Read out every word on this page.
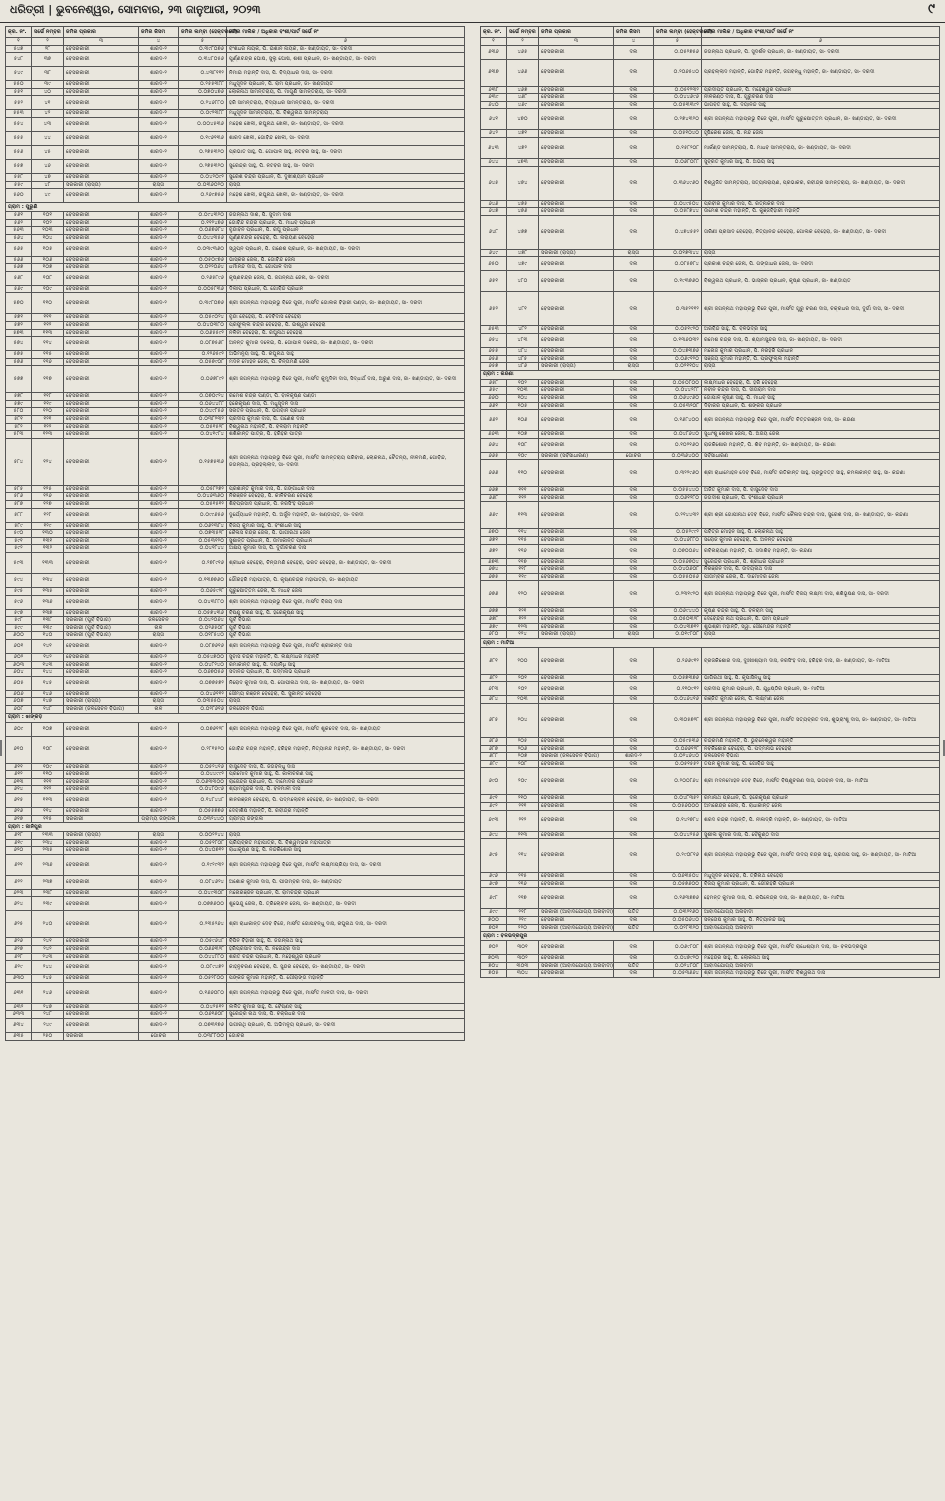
ଧରିତ୍ରୀ | ଭୁବନେଶ୍ୱର, ସୋମବାର, ୨୩ ଜାନୁଆରୀ, ୨୦୨୩	୯
କ୍ର. ନଂ.	ସର୍ଭେ ନମ୍ବର	ଜମିର ପ୍ରକାର	ଜମିର କିସମ	ଜମିର ଲମ୍ବା (ହେକ୍ଟରରେ)	ଜମିର ମାଲିକ / ଅଧିକାର ବଂଶୀ/ପାର୍ଟ ସର୍ଭେ ନଂ
୧	୨	୩	୪	୫	୬
୫୪୭	୨୮	ବେସରକାରୀ	ଶାରଦ-୨	୦.୩୯୮୦୭୬	ବଂଶଧର ନାୟକ, ପି. ଇଶାନ ନାୟକ, ଜା- ଖଣ୍ଡାୟତ, ସା- ଦରଦୀ
୫୪୮	୩୭	ବେସରକାରୀ	ଶାରଦ-୨	୦.୩୪୮୦୫୬	ପୁର୍ଣ୍ଣଚନ୍ଦ୍ର ଘୋଷ, ସୁଲୁ ଘୋଷ, ଶଶୀ ପ୍ରଧାନ, ଜା- ଖଣ୍ଡାୟତ, ସା- ଦରଦୀ
୫୪୯	୩୮	ବେସରକାରୀ	ଶାରଦ-୨	୦.୪୩୮୧୧୨	ନିମାଇ ମହାନ୍ତି ଦାସ, ପି. ବିଦ୍ୟାଧର ଦାସ, ସା- ଦରଦୀ
୫୫୦	୩୯	ବେସରକାରୀ	ଶାରଦ-୨	୦.୨୫୫୩୮୮	ମଧୁସୂଦନ ପ୍ରଧାନ, ପି. ରାମ ପ୍ରଧାନ, ଜା- ଖଣ୍ଡାୟତ
୫୫୧	୪୦	ବେସରକାରୀ	ଶାରଦ-୨	୦.୦୭୦୪୭୬	ଲୋକନାଥ ସାମନ୍ତରାୟ, ପି. ମାଗୁଣି ସାମନ୍ତରାୟ, ସା- ଦରଦୀ
୫୫୨	୪୧	ବେସରକାରୀ	ଶାରଦ-୨	୦.୨୪୬୮୮୦	ହରି ସାମନ୍ତରାୟ, ବିଦ୍ୟାଧର ସାମନ୍ତରାୟ, ସା- ଦରଦୀ
୫୫୩	୪୨	ବେସରକାରୀ	ଶାରଦ-୨	୦.୦୯୨୩୮୮	ମଧୁସୂଦନ ସାମନ୍ତରାୟ, ପି. ବିଶ୍ୱନାଥ ସାମନ୍ତରାୟ
୫୫୪	୪୩	ବେସରକାରୀ	ଶାରଦ-୨	୦.୦୦୪୫୩୬	ମହେଶ ଖେଳୀ, ରଘୁନାଥ ଖେଳୀ, ଜା- ଖଣ୍ଡାୟତ, ସା- ଦରଦୀ
୫୫୫	୪୪	ବେସରକାରୀ	ଶାରଦ-୨	୦.୧୯୬୧୩୬	ଶାରଦ ଖେଳୀ, ଗୋବିନ୍ଦ ଖେଳୀ, ସା- ଦରଦୀ
୫୫୬	୪୫	ବେସରକାରୀ	ଶାରଦ-୨	୦.୨୭୫୩୨୦	ପ୍ରଭାତ ସାହୁ, ପି. ଗୋପାଳ ସାହୁ, ନଟବର ସାହୁ, ସା- ଦରଦୀ
୫୫୭	୪୬	ବେସରକାରୀ	ଶାରଦ-୨	୦.୨୭୫୩୨୦	ସୁରେନ୍ଦ୍ର ସାହୁ, ପି. ନଟବର ସାହୁ, ସା- ଦରଦୀ
୫୫୮	୪୭	ବେସରକାରୀ	ଶାରଦ-୨	୦.୦୪୨୦୯୨	ସୁରେଶ ଚନ୍ଦ୍ର ପ୍ରଧାନ, ପି. ଦୁଖୀଶ୍ୟାମ ପ୍ରଧାନ
୫୫୯	୪୮	ସରକାରୀ (ରାସ୍ତା)	ରାସ୍ତା	୦.୦୩୬୦୨୦	ରାସ୍ତା
୫୬୦	୪୯	ବେସରକାରୀ	ଶାରଦ-୨	୦.୨୬୯୭୫୬	ମହେଶ ଖେଳୀ, ରଘୁନାଥ ଖେଳୀ, ଜା- ଖଣ୍ଡାୟତ, ସା- ଦରଦୀ
ଗ୍ରାମ : ପୁରୁଣି					
୫୬୧	୧୦୧	ବେସରକାରୀ	ଶାରଦ-୨	୦.୦୯୪୩୨୦	ଜଗନ୍ନାଥ ଦାଶ, ପି. ସୁଦାମ ଦାଶ
୫୬୨	୧୦୨	ବେସରକାରୀ	ଶାରଦ-୨	୦.୧୧୨୪୭୬	ଗୋବିନ୍ଦ ଚନ୍ଦ୍ର ପ୍ରଧାନ, ପି. ମାଧବ ପ୍ରଧାନ
୫୬୩	୧୦୩	ବେସରକାରୀ	ଶାରଦ-୨	୦.୦୬୭୬୮୪	ବୃନ୍ଦାବନ ପ୍ରଧାନ, ପି. ରଘୁ ପ୍ରଧାନ
୫୬୪	୧୦୪	ବେସରକାରୀ	ଶାରଦ-୨	୦.୦୪୪୩୫୬	ପୂର୍ଣ୍ଣଚନ୍ଦ୍ର ବେହେରା, ପି. ନାରାୟଣ ବେହେରା
୫୬୫	୧୦୫	ବେସରକାରୀ	ଶାରଦ-୨	୦.୦୩୯୩୬୦	ସ୍ୱପ୍ନ ପ୍ରଧାନ, ପି. ଗଣେଶ ପ୍ରଧାନ, ଜା- ଖଣ୍ଡାୟତ, ସା- ଦରଦୀ
୫୬୬	୧୦୬	ବେସରକାରୀ	ଶାରଦ-୨	୦.୦୫୦୯୭୬	ଭାସ୍କର ଜେନା, ପି. ଗୋବିନ୍ଦ ଜେନା
୫୬୭	୧୦୭	ବେସରକାରୀ	ଶାରଦ-୨	୦.୦୨୨୦୬୪	ଧର୍ମାନନ୍ଦ ଦାସ, ପି. ଗୋପାଳ ଦାସ
୫୬୮	୧୦୮	ବେସରକାରୀ	ଶାରଦ-୨	୦.୨୬୫୮୯୬	କୃଷ୍ଣଚନ୍ଦ୍ର ଜେନା, ପି. ଜଗନ୍ନାଥ ଜେନା, ସା- ଦରଦୀ
୫୬୯	୧୦୯	ବେସରକାରୀ	ଶାରଦ-୨	୦.୦୦୫୮୩୬	ଦିଲୀପ ପ୍ରଧାନ, ପି. ଗୋବିନ୍ଦ ପ୍ରଧାନ
୫୭୦	୧୧୦	ବେସରକାରୀ	ଶାରଦ-୨	୦.୩୯୮୦୭୬	ଶ୍ରୀ ଜଗନ୍ନାଥ ମହାପ୍ରଭୁ ବିଜେ ପୁରୀ, ମାର୍ଫତ ଗୋଲକ ବିହାରୀ ପଣ୍ଡା, ଜା- ଖଣ୍ଡାୟତ, ସା- ଦରଦୀ
୫୭୧	୧୧୧	ବେସରକାରୀ	ଶାରଦ-୨	୦.୦୫୯୦୨୪	ବୃନ୍ଦା ବେହେରା, ପି. ଦେବିଦାସ ବେହେରା
୫୭୨	୧୧୨	ବେସରକାରୀ	ଶାରଦ-୨	୦.୦୪୦୩୮୦	ପ୍ରଫୁଲ୍ଲ ଚନ୍ଦ୍ର ବେହେରା, ପି. ଇଶ୍ୱର ବେହେରା
୫୭୩	୧୧୩	ବେସରକାରୀ	ଶାରଦ-୨	୦.୦୬୫୫୯୨	ନଳିନୀ ବେହେରା, ପି. ରଘୁନାଥ ବେହେରା
୫୭୪	୧୧୪	ବେସରକାରୀ	ଶାରଦ-୨	୦.୦୮୭୫୬୮	ଅନନ୍ତ କୁମାର ଦଳେଇ, ପି. ଗୋପାଳ ଦଳେଇ, ଜା- ଖଣ୍ଡାୟତ, ସା- ଦରଦୀ
୫୭୫	୧୧୫	ବେସରକାରୀ	ଶାରଦ-୨	୦.୧୨୬୫୯୨	ଅଭିମନ୍ୟୁ ସାହୁ, ପି. ରଘୁନାଥ ସାହୁ
୫୭୬	୧୧୬	ବେସରକାରୀ	ଶାରଦ-୨	୦.୦୫୭୯୦୮	ମଦନ ମୋହନ ଜେନା, ପି. ଚିନ୍ତାମଣି ଜେନା
୫୭୭	୧୧୭	ବେସରକାରୀ	ଶାରଦ-୨	୦.୦୬୭୮୯୨	ଶ୍ରୀ ଜଗନ୍ନାଥ ମହାପ୍ରଭୁ ବିଜେ ପୁରୀ, ମାର୍ଫତ କୁମୁଦିନୀ ଦାସ, ସିଦ୍ଧାର୍ଥ ଦାସ, ଅରୁଣ ଦାସ, ଜା- ଖଣ୍ଡାୟତ, ସା- ଦରଦୀ
୫୭୮	୧୧୮	ବେସରକାରୀ	ଶାରଦ-୨	୦.୦୭୦୯୨୪	ରମେଶ ଚନ୍ଦ୍ର ପଣ୍ଡା, ପି. ବାଳକୃଷ୍ଣ ପଣ୍ଡା
୫୭୯	୧୧୯	ବେସରକାରୀ	ଶାରଦ-୨	୦.୦୬୪୪୮୮	ହରେକୃଷ୍ଣ ଦାସ, ପି. ମଧୁସୂଦନ ଦାସ
୫୮୦	୧୨୦	ବେସରକାରୀ	ଶାରଦ-୨	୦.୦୪୯୮୫୬	ସନାତନ ପ୍ରଧାନ, ପି. ଭଗବାନ ପ୍ରଧାନ
୫୮୧	୧୨୧	ବେସରକାରୀ	ଶାରଦ-୨	୦.୦୩୮୨୩୨	ପ୍ରଦୀପ କୁମାର ଦାସ, ପି. ଗଣେଶ ଦାସ
୫୮୨	୧୨୨	ବେସରକାରୀ	ଶାରଦ-୨	୦.୦୫୧୫୨୮	ବିଶ୍ୱନାଥ ମହାନ୍ତି, ପି. ବଳରାମ ମହାନ୍ତି
୫୮୩	୧୨୩	ବେସରକାରୀ	ଶାରଦ-୨	୦.୦୪୧୯୮୪	ଶଶିକାନ୍ତ ପାତ୍ର, ପି. ହରିହର ପାତ୍ର
୫୮୪	୧୨୪	ବେସରକାରୀ	ଶାରଦ-୨	୦.୧୫୭୫୩୬	ଶ୍ରୀ ଜଗନ୍ନାଥ ମହାପ୍ରଭୁ ବିଜେ ପୁରୀ, ମାର୍ଫତ ସାମନ୍ତରାୟ ପରିବାର, ଲୋକନାଥ, ଚୈତନ୍ୟ, ନୀଳମଣି, ଗୋବିନ୍ଦ, ଜଗନ୍ନାଥ, ପ୍ରହଲ୍ଲାଦ, ସା- ଦରଦୀ
୫୮୫	୧୨୫	ବେସରକାରୀ	ଶାରଦ-୨	୦.୦୫୮୨୭୨	ପ୍ରଶାନ୍ତ କୁମାର ଦାସ, ପି. ଗଙ୍ଗାଧର ଦାସ
୫୮୬	୧୨୬	ବେସରକାରୀ	ଶାରଦ-୨	୦.୦୪୬୩୬୦	ନିରଞ୍ଜନ ବେହେରା, ପି. କାଳିଚରଣ ବେହେରା
୫୮୭	୧୨୭	ବେସରକାରୀ	ଶାରଦ-୨	୦.୦୫୧୫୧୨	ଶିବପ୍ରସାଦ ପ୍ରଧାନ, ପି. ନରସିଂହ ପ୍ରଧାନ
୫୮୮	୧୨୮	ବେସରକାରୀ	ଶାରଦ-୨	୦.୦୯୯୬୫୬	ଦୁର୍ଯ୍ୟୋଧନ ମହାନ୍ତି, ପି. ଅର୍ଜୁନ ମହାନ୍ତି, ଜା- ଖଣ୍ଡାୟତ, ସା- ଦରଦୀ
୫୮୯	୧୨୯	ବେସରକାରୀ	ଶାରଦ-୨	୦.୦୬୨୩୮୪	ବିଜୟ କୁମାର ସାହୁ, ପି. ବଂଶୀଧର ସାହୁ
୫୯୦	୧୩୦	ବେସରକାରୀ	ଶାରଦ-୨	୦.୦୭୩୫୨୮	କୈଳାସ ଚନ୍ଦ୍ର ଜେନା, ପି. ଭାଗୀରଥୀ ଜେନା
୫୯୧	୧୩୧	ବେସରକାରୀ	ଶାରଦ-୨	୦.୦୫୩୧୨୦	ସୁଶାନ୍ତ ପ୍ରଧାନ, ପି. ଉମାକାନ୍ତ ପ୍ରଧାନ
୫୯୨	୧୩୨	ବେସରକାରୀ	ଶାରଦ-୨	୦.୦୪୧୮୪୪	ଅକ୍ଷୟ କୁମାର ଦାସ, ପି. ଦୁର୍ଗାଚରଣ ଦାସ
୫୯୩	୧୩୩	ବେସରକାରୀ	ଶାରଦ-୨	୦.୨୭୮୯୧୬	ଶ୍ରୀଧର ବେହେରା, ଚିନ୍ତାମଣି ବେହେରା, ଭରତ ବେହେରା, ଜା- ଖଣ୍ଡାୟତ, ସା- ଦରଦୀ
୫୯୪	୧୩୪	ବେସରକାରୀ	ଶାରଦ-୨	୦.୧୩୭୭୬୦	ଗୌରହରି ମହାପାତ୍ର, ପି. କୃଷ୍ଣଚନ୍ଦ୍ର ମହାପାତ୍ର, ଜା- ଖଣ୍ଡାୟତ
୫୯୫	୧୩୫	ବେସରକାରୀ	ଶାରଦ-୨	୦.୦୬୫୯୨୮	ପୁରୁଷୋତ୍ତମ ଜେନା, ପି. ମାଧବ ଜେନା
୫୯୬	୧୩୬	ବେସରକାରୀ	ଶାରଦ-୨	୦.୦୪୩୮୮୦	ଶ୍ରୀ ଜଗନ୍ନାଥ ମହାପ୍ରଭୁ ବିଜେ ପୁରୀ, ମାର୍ଫତ ବିଜୟ ଦାସ
୫୯୭	୧୩୭	ବେସରକାରୀ	ଶାରଦ-୨	୦.୦୫୭୪୩୬	ବିଷ୍ଣୁ ଚରଣ ସାହୁ, ପି. ହରେକୃଷ୍ଣ ସାହୁ
୫୯୮	୧୩୮	ସରକାରୀ (ପୁର୍ବ ବିଭାଗ)	ଜଳସେଚନ	୦.୦୪୨୦୬୪	ପୁର୍ବ ବିଭାଗ
୫୯୯	୧୩୯	ସରକାରୀ (ପୁର୍ବ ବିଭାଗ)	ନାଳ	୦.୦୨୬୫୦୮	ପୁର୍ବ ବିଭାଗ
୬୦୦	୧୪୦	ସରକାରୀ (ପୁର୍ବ ବିଭାଗ)	ରାସ୍ତା	୦.୦୧୮୫୪୦	ପୁର୍ବ ବିଭାଗ
୬୦୧	୧୪୧	ବେସରକାରୀ	ଶାରଦ-୨	୦.୦୮୭୬୧୬	ଶ୍ରୀ ଜଗନ୍ନାଥ ମହାପ୍ରଭୁ ବିଜେ ପୁରୀ, ମାର୍ଫତ ଶ୍ରୀକାନ୍ତ ଦାସ
୬୦୨	୧୪୨	ବେସରକାରୀ	ଶାରଦ-୨	୦.୦୫୪୭୦୦	ସୁବାସ ଚନ୍ଦ୍ର ମହାନ୍ତି, ପି. ଲକ୍ଷ୍ମୀଧର ମହାନ୍ତି
୬୦୩	୧୪୩	ବେସରକାରୀ	ଶାରଦ-୨	୦.୦୪୮୨୪୦	ରମାକାନ୍ତ ସାହୁ, ପି. ଦୟାନିଧି ସାହୁ
୬୦୪	୧୪୪	ବେସରକାରୀ	ଶାରଦ-୨	୦.୦୬୭୦୫୬	ସଦାନନ୍ଦ ପ୍ରଧାନ, ପି. ପଦ୍ମନାଭ ପ୍ରଧାନ
୬୦୫	୧୪୫	ବେସରକାରୀ	ଶାରଦ-୨	୦.୦୭୭୫୭୨	ନିରୋଦ କୁମାର ଦାସ, ପି. ଗୋପୀନାଥ ଦାସ, ଜା- ଖଣ୍ଡାୟତ, ସା- ଦରଦୀ
୬୦୬	୧୪୬	ବେସରକାରୀ	ଶାରଦ-୨	୦.୦୪୬୧୧୨	ସୌମ୍ୟ ରଞ୍ଜନ ବେହେରା, ପି. ସୁକାନ୍ତ ବେହେରା
୬୦୭	୧୪୭	ସରକାରୀ (ରାସ୍ତା)	ରାସ୍ତା	୦.୦୩୫୫୦୪	ରାସ୍ତା
୬୦୮	୧୪୮	ସରକାରୀ (ଜଳସେଚନ ବିଭାଗ)	ନାଳ	୦.୦୨୮୬୧୬	ଜଳସେଚନ ବିଭାଗ
ଗ୍ରାମ : ଝାଙ୍କଡ଼					
୬୦୯	୧୦୭	ବେସରକାରୀ	ଶାରଦ-୨	୦.୦୭୬୧୨୮	ଶ୍ରୀ ଜଗନ୍ନାଥ ମହାପ୍ରଭୁ ବିଜେ ପୁରୀ, ମାର୍ଫତ ଶୁକଦେବ ଦାସ, ଜା- ଖଣ୍ଡାୟତ
୬୧୦	୧୦୮	ବେସରକାରୀ	ଶାରଦ-୨	୦.୨୮୧୫୨୦	ଗୋବିନ୍ଦ ଚନ୍ଦ୍ର ମହାନ୍ତି, ହରିହର ମହାନ୍ତି, ନିତ୍ୟାନନ୍ଦ ମହାନ୍ତି, ଜା- ଖଣ୍ଡାୟତ, ସା- ଦରଦୀ
୬୧୧	୧୦୯	ବେସରକାରୀ	ଶାରଦ-୨	୦.୦୫୨୪୧୬	ବାସୁଦେବ ଦାସ, ପି. ଜଗବନ୍ଧୁ ଦାସ
୬୧୨	୧୧୦	ବେସରକାରୀ	ଶାରଦ-୨	୦.୦୪୪୯୯୨	ପ୍ରମୋଦ କୁମାର ସାହୁ, ପି. କାଳୀଚରଣ ସାହୁ
୬୧୩	୧୧୧	ବେସରକାରୀ	ଶାରଦ-୨	୦.୦୬୩୩୦୦	ରାଜେନ୍ଦ୍ର ପ୍ରଧାନ, ପି. ଦାମୋଦର ପ୍ରଧାନ
୬୧୪	୧୧୨	ବେସରକାରୀ	ଶାରଦ-୨	୦.୦୪୮୦୯୬	ଶ୍ୟାମସୁନ୍ଦର ଦାସ, ପି. ବନମାଳୀ ଦାସ
୬୧୫	୧୧୩	ବେସରକାରୀ	ଶାରଦ-୨	୦.୧୪୮୪୪୮	ଜ୍ଞାନରଞ୍ଜନ ବେହେରା, ପି. ପଦ୍ମଲୋଚନ ବେହେରା, ଜା- ଖଣ୍ଡାୟତ, ସା- ଦରଦୀ
୬୧୬	୧୧୪	ବେସରକାରୀ	ଶାରଦ-୨	୦.୦୫୫୭୭୬	ଦେବାଶିଷ ମହାନ୍ତି, ପି. ରବୀନ୍ଦ୍ର ମହାନ୍ତି
୬୧୭	୧୧୫	ସରକାରୀ	ଗ୍ରାମ୍ୟ ଜଙ୍ଗଲ	୦.୦୩୨୪୪୦	ଗ୍ରାମ୍ୟ ଜଙ୍ଗଲ
ଗ୍ରାମ : ଜାନିପୁର					
୬୧୮	୨୩୩	ସରକାରୀ (ରାସ୍ତା)	ରାସ୍ତା	୦.୦୦୨୨୪୪	ରାସ୍ତା
୬୧୯	୨୩୪	ବେସରକାରୀ	ଶାରଦ-୨	୦.୦୫୧୮୦୮	ପ୍ରିୟବ୍ରତ ମହାପାତ୍ର, ପି. ବିଶ୍ୱମ୍ଭର ମହାପାତ୍ର
୬୨୦	୨୩୫	ବେସରକାରୀ	ଶାରଦ-୨	୦.୦୪୦୭୧୨	ରାଧାକୃଷ୍ଣ ସାହୁ, ପି. ନନ୍ଦକିଶୋର ସାହୁ
୬୨୧	୨୩୬	ବେସରକାରୀ	ଶାରଦ-୨	୦.୧୯୨୯୩୨	ଶ୍ରୀ ଜଗନ୍ନାଥ ମହାପ୍ରଭୁ ବିଜେ ପୁରୀ, ମାର୍ଫତ ଲକ୍ଷ୍ମୀପ୍ରିୟା ଦାସ, ସା- ଦରଦୀ
୬୨୨	୨୩୭	ବେସରକାରୀ	ଶାରଦ-୨	୦.୦୮୪୬୨୪	ଅଶୋକ କୁମାର ଦାସ, ପି. ପୀତାମ୍ବର ଦାସ, ଜା- ଖଣ୍ଡାୟତ
୬୨୩	୨୩୮	ବେସରକାରୀ	ଶାରଦ-୨	୦.୦୪୯୩୦୮	ମନୋରଞ୍ଜନ ପ୍ରଧାନ, ପି. ରାମଚନ୍ଦ୍ର ପ୍ରଧାନ
୬୨୪	୨୩୯	ବେସରକାରୀ	ଶାରଦ-୨	୦.୦୭୭୬୦୦	ଶୁଭେନ୍ଦୁ ଜେନା, ପି. ତ୍ରିଲୋଚନ ଜେନା, ଜା- ଖଣ୍ଡାୟତ, ସା- ଦରଦୀ
୬୨୫	୨୪୦	ବେସରକାରୀ	ଶାରଦ-୨	୦.୨୩୫୨୬୪	ଶ୍ରୀ ରାଧାକାନ୍ତ ଦେବ ବିଜେ, ମାର୍ଫତ ଗୋପବନ୍ଧୁ ଦାସ, ରଘୁନାଥ ଦାସ, ସା- ଦରଦୀ
୬୨୬	୨୪୧	ବେସରକାରୀ	ଶାରଦ-୨	୦.୦୫୯୬୪୮	ବିପିନ ବିହାରୀ ସାହୁ, ପି. ଜଗନ୍ନାଥ ସାହୁ
୬୨୭	୨୪୨	ବେସରକାରୀ	ଶାରଦ-୨	୦.୦୬୬୩୨୮	ହରିପ୍ରସାଦ ଦାସ, ପି. ନରେନ୍ଦ୍ର ଦାସ
୬୨୮	୨୪୩	ବେସରକାରୀ	ଶାରଦ-୨	୦.୦୪୪୮୮୦	ଶରତ ଚନ୍ଦ୍ର ପ୍ରଧାନ, ପି. ମହେଶ୍ୱର ପ୍ରଧାନ
୬୨୯	୨୪୪	ବେସରକାରୀ	ଶାରଦ-୨	୦.୦୮୯୪୭୨	କାହ୍ନୁଚରଣ ବେହେରା, ପି. ସୁନ୍ଦର ବେହେରା, ଜା- ଖଣ୍ଡାୟତ, ସା- ଦରଦୀ
୬୩୦	୨୪୫	ବେସରକାରୀ	ଶାରଦ-୨	୦.୦୫୨୮୦୦	ପଙ୍କଜ କୁମାର ମହାନ୍ତି, ପି. ଗୌରାଙ୍ଗ ମହାନ୍ତି
୬୩୧	୨୪୬	ବେସରକାରୀ	ଶାରଦ-୨	୦.୧୬୬୦୮୦	ଶ୍ରୀ ଜଗନ୍ନାଥ ମହାପ୍ରଭୁ ବିଜେ ପୁରୀ, ମାର୍ଫତ ମାଳତୀ ଦାସ, ସା- ଦରଦୀ
୬୩୨	୨୪୭	ବେସରକାରୀ	ଶାରଦ-୨	୦.୦୪୨୫୧୨	ଲଳିତ କୁମାର ସାହୁ, ପି. ବୈଷ୍ଣବ ସାହୁ
୬୩୩	୨୪୮	ବେସରକାରୀ	ଶାରଦ-୨	୦.୦୬୧୬୦୮	ସୁରେନ୍ଦ୍ର ନାଥ ଦାସ, ପି. ଚକ୍ରଧର ଦାସ
୬୩୪	୨୪୯	ବେସରକାରୀ	ଶାରଦ-୨	୦.୦୭୩୧୭୬	ଭଗୀରଥି ପ୍ରଧାନ, ପି. ଅଭିମନ୍ୟୁ ପ୍ରଧାନ, ସା- ଦରଦୀ
୬୩୫	୨୫୦	ସରକାରୀ	ଗୋଚର	୦.୦୩୮୮୦୦	ଗୋଚର
କ୍ର. ନଂ.	ସର୍ଭେ ନମ୍ବର	ଜମିର ପ୍ରକାର	ଜମିର କିସମ	ଜମିର ଲମ୍ବା (ହେକ୍ଟରରେ)	ଜମିର ମାଲିକ / ଅଧିକାର ବଂଶୀ/ପାର୍ଟ ସର୍ଭେ ନଂ
୧	୨	୩	୪	୫	୬
୬୩୬	୪୬୫	ବେସରକାରୀ	ଦଲ	୦.୦୫୨୭୫୬	ଜଗନ୍ନାଥ ପ୍ରଧାନ, ପି. ସୁଦର୍ଶନ ପ୍ରଧାନ, ଜା- ଖଣ୍ଡାୟତ, ସା- ଦରଦୀ
୬୩୭	୪୬୬	ବେସରକାରୀ	ଦଲ	୦.୨୦୬୫୪୦	ପ୍ରହଲ୍ଲାଦ ମହାନ୍ତି, ଗୋବିନ୍ଦ ମହାନ୍ତି, ଜଗବନ୍ଧୁ ମହାନ୍ତି, ଜା- ଖଣ୍ଡାୟତ, ସା- ଦରଦୀ
୬୩୮	୪୬୭	ବେସରକାରୀ	ଦଲ	୦.୦୫୧୨୩୨	ପ୍ରଦୀପ୍ତ ପ୍ରଧାନ, ପି. ମହେଶ୍ୱର ପ୍ରଧାନ
୬୩୯	୪୬୮	ବେସରକାରୀ	ଦଲ	୦.୦୪୪୬୯୬	ନୀଳକଣ୍ଠ ଦାସ, ପି. ଗୁରୁଚରଣ ଦାସ
୬୪୦	୪୬୯	ବେସରକାରୀ	ଦଲ	୦.୦୫୩୩୯୨	ଭାଗବତ ସାହୁ, ପି. ଦୟାନନ୍ଦ ସାହୁ
୬୪୧	୪୭୦	ବେସରକାରୀ	ଦଲ	୦.୨୭୪୩୨୦	ଶ୍ରୀ ଜଗନ୍ନାଥ ମହାପ୍ରଭୁ ବିଜେ ପୁରୀ, ମାର୍ଫତ ପୁରୁଷୋତ୍ତମ ପ୍ରଧାନ, ଜା- ଖଣ୍ଡାୟତ, ସା- ଦରଦୀ
୬୪୨	୪୭୧	ବେସରକାରୀ	ଦଲ	୦.୦୫୧୦୪୦	ହୃଷିକେଶ ଜେନା, ପି. ନନ୍ଦ ଜେନା
୬୪୩	୪୭୨	ବେସରକାରୀ	ଦଲ	୦.୧୫୮୨୦୮	ମାର୍କଣ୍ଡ ସାମନ୍ତରାୟ, ପି. ମାଧବ ସାମନ୍ତରାୟ, ଜା- ଖଣ୍ଡାୟତ, ସା- ଦରଦୀ
୬୪୪	୪୭୩	ବେସରକାରୀ	ଦଲ	୦.୦୬୮୦୮୮	ସୁବ୍ରତ କୁମାର ସାହୁ, ପି. ଅଭୟ ସାହୁ
୬୪୫	୪୭୪	ବେସରକାରୀ	ଦଲ	୦.୩୬୪୯୬୦	ବିଶ୍ୱଜିତ ସାମନ୍ତରାୟ, ସତ୍ୟନାରାୟଣ, ପ୍ରଭାକର, ରବୀନ୍ଦ୍ର ସାମନ୍ତରାୟ, ଜା- ଖଣ୍ଡାୟତ, ସା- ଦରଦୀ
୬୪୬	୪୭୫	ବେସରକାରୀ	ଦଲ	୦.୦୪୯୫୦୪	ପ୍ରବୀର କୁମାର ଦାସ, ପି. ରତ୍ନାକର ଦାସ
୬୪୭	୪୭୬	ବେସରକାରୀ	ଦଲ	୦.୦୫୮୭୪୪	ଉମେଶ ଚନ୍ଦ୍ର ମହାନ୍ତି, ପି. କୁଞ୍ଜବିହାରୀ ମହାନ୍ତି
୬୪୮	୪୭୭	ବେସରକାରୀ	ଦଲ	୦.୪୭୪୫୫୨	ତାରିଣୀ ପ୍ରସାଦ ବେହେରା, ନିତ୍ୟାନନ୍ଦ ବେହେରା, ଗୋଲକ ବେହେରା, ଜା- ଖଣ୍ଡାୟତ, ସା- ଦରଦୀ
୬୪୯	୪୭୮	ସରକାରୀ (ରାସ୍ତା)	ରାସ୍ତା	୦.୦୧୭୩୪୪	ରାସ୍ତା
୬୫୦	୪୭୯	ବେସରକାରୀ	ଦଲ	୦.୦୮୫୭୮୪	ପ୍ରକାଶ ଚନ୍ଦ୍ର ଜେନା, ପି. ଗଙ୍ଗାଧର ଜେନା, ସା- ଦରଦୀ
୬୫୧	୪୮୦	ବେସରକାରୀ	ଦଲ	୦.୧୯୩୭୬୦	ବିଶ୍ୱନାଥ ପ୍ରଧାନ, ପି. ଭାସ୍କର ପ୍ରଧାନ, କୃଷ୍ଣ ପ୍ରଧାନ, ଜା- ଖଣ୍ଡାୟତ
୬୫୨	୪୮୧	ବେସରକାରୀ	ଦଲ	୦.୩୫୨୧୧୨	ଶ୍ରୀ ଜଗନ୍ନାଥ ମହାପ୍ରଭୁ ବିଜେ ପୁରୀ, ମାର୍ଫତ ଗୁରୁ ଚରଣ ଦାସ, ଚକ୍ରଧର ଦାସ, ଦୁର୍ଗା ଦାସ, ସା- ଦରଦୀ
୬୫୩	୪୮୨	ବେସରକାରୀ	ଦଲ	୦.୦୫୧୯୨୦	ଅରବିନ୍ଦ ସାହୁ, ପି. ବଳଭଦ୍ର ସାହୁ
୬୫୪	୪୮୩	ବେସରକାରୀ	ଦଲ	୦.୧୩୬୦୩୨	ରମେଶ ଚନ୍ଦ୍ର ଦାସ, ପି. ଶ୍ୟାମସୁନ୍ଦର ଦାସ, ଜା- ଖଣ୍ଡାୟତ, ସା- ଦରଦୀ
୬୫୫	୪୮୪	ବେସରକାରୀ	ଦଲ	୦.୦୪୭୩୭୬	ମନୋଜ କୁମାର ପ୍ରଧାନ, ପି. ନରହରି ପ୍ରଧାନ
୬୫୬	୪୮୫	ବେସରକାରୀ	ଦଲ	୦.୦୬୯୧୨୦	ସଞ୍ଜୟ କୁମାର ମହାନ୍ତି, ପି. ପ୍ରଫୁଲ୍ଲ ମହାନ୍ତି
୬୫୭	୪୮୬	ସରକାରୀ (ରାସ୍ତା)	ରାସ୍ତା	୦.୦୨୧୧୦୪	ରାସ୍ତା
ଗ୍ରାମ : କନ୍ଦଣା					
୬୫୮	୧୦୨	ବେସରକାରୀ	ଦଲ	୦.୦୫୦୮୦୦	ଲକ୍ଷ୍ମୀଧର ବେହେରା, ପି. ହରି ବେହେରା
୬୫୯	୧୦୩	ବେସରକାରୀ	ଦଲ	୦.୦୪୪୨୮୮	ନବୀନ ଚନ୍ଦ୍ର ଦାସ, ପି. ସୀତାରାମ ଦାସ
୬୬୦	୧୦୪	ବେସରକାରୀ	ଦଲ	୦.୦୬୪୯୬୦	ଗୋପାଳ କୃଷ୍ଣ ସାହୁ, ପି. ମାଧବ ସାହୁ
୬୬୧	୧୦୫	ବେସରକାରୀ	ଦଲ	୦.୦୫୩୨୦୮	ଦିବାକର ପ୍ରଧାନ, ପି. ଶଙ୍କର ପ୍ରଧାନ
୬୬୨	୧୦୬	ବେସରକାରୀ	ଦଲ	୦.୧୬୮୪୦୦	ଶ୍ରୀ ଜଗନ୍ନାଥ ମହାପ୍ରଭୁ ବିଜେ ପୁରୀ, ମାର୍ଫତ ଚିତ୍ତରଞ୍ଜନ ଦାସ, ସା- କନ୍ଦଣା
୬୬୩	୧୦୭	ବେସରକାରୀ	ଦଲ	୦.୦୪୮୬୪୦	ସୁଧାଂଶୁ ଶେଖର ଜେନା, ପି. ଅଜୟ ଜେନା
୬୬୪	୧୦୮	ବେସରକାରୀ	ଦଲ	୦.୧୦୨୧୬୦	ରାଜକିଶୋର ମହାନ୍ତି, ପି. ଶିବ ମହାନ୍ତି, ଜା- ଖଣ୍ଡାୟତ, ସା- କନ୍ଦଣା
୬୬୫	୧୦୯	ସରକାରୀ (ସର୍ବସାଧାରଣ)	ଗୋଚର	୦.୦୩୬୪୦୦	ସର୍ବସାଧାରଣ
୬୬୬	୧୧୦	ବେସରକାରୀ	ଦଲ	୦.୩୨୨୯୬୦	ଶ୍ରୀ ରାଧାମୋହନ ଦେବ ବିଜେ, ମାର୍ଫତ ରତିକାନ୍ତ ସାହୁ, ପ୍ରଭୁଦତ୍ତ ସାହୁ, କମଳାକାନ୍ତ ସାହୁ, ସା- କନ୍ଦଣା
୬୬୭	୧୧୧	ବେସରକାରୀ	ଦଲ	୦.୦୫୫୪୪୦	ଅଜିତ କୁମାର ଦାସ, ପି. ବାସୁଦେବ ଦାସ
୬୬୮	୧୧୨	ବେସରକାରୀ	ଦଲ	୦.୦୬୧୨୮୦	ଜଗଦୀଶ ପ୍ରଧାନ, ପି. ବଂଶୀଧର ପ୍ରଧାନ
୬୬୯	୧୧୩	ବେସରକାରୀ	ଦଲ	୦.୨୧୪୪୩୨	ଶ୍ରୀ ଶ୍ରୀ ଗୋପୀନାଥ ଦେବ ବିଜେ, ମାର୍ଫତ କୈଳାସ ଚନ୍ଦ୍ର ଦାସ, ସୁରେଶ ଦାସ, ଜା- ଖଣ୍ଡାୟତ, ସା- କନ୍ଦଣା
୬୭୦	୧୧୪	ବେସରକାରୀ	ଦଲ	୦.୦୫୨୯୯୨	ପବିତ୍ର ମୋହନ ସାହୁ, ପି. ଲୋକନାଥ ସାହୁ
୬୭୧	୧୧୫	ବେସରକାରୀ	ଦଲ	୦.୦୪୬୮୮୦	ସରୋଜ କୁମାର ବେହେରା, ପି. ଅନନ୍ତ ବେହେରା
୬୭୨	୧୧୬	ବେସରକାରୀ	ଦଲ	୦.୦୭୦୦୬୪	ରବିନାରାୟଣ ମହାନ୍ତି, ପି. ସଦାଶିବ ମହାନ୍ତି, ସା- କନ୍ଦଣା
୬୭୩	୧୧୭	ବେସରକାରୀ	ଦଲ	୦.୦୫୬୭୦୪	ସୁରେନ୍ଦ୍ର ପ୍ରଧାନ, ପି. ଶ୍ରୀଧର ପ୍ରଧାନ
୬୭୪	୧୧୮	ବେସରକାରୀ	ଦଲ	୦.୦୪୦୬୦୮	ନିରଞ୍ଜନ ଦାସ, ପି. ଉଦୟନାଥ ଦାସ
୬୭୫	୧୧୯	ବେସରକାରୀ	ଦଲ	୦.୦୫୫୦୫୬	ପୀତାମ୍ବର ଜେନା, ପି. ଦାମୋଦର ଜେନା
୬୭୬	୧୨୦	ବେସରକାରୀ	ଦଲ	୦.୨୩୧୯୨୦	ଶ୍ରୀ ଜଗନ୍ନାଥ ମହାପ୍ରଭୁ ବିଜେ ପୁରୀ, ମାର୍ଫତ ବିଜୟ ଲକ୍ଷ୍ମୀ ଦାସ, ଶଶିଭୂଷଣ ଦାସ, ସା- ଦରଦୀ
୬୭୭	୧୨୧	ବେସରକାରୀ	ଦଲ	୦.୦୬୯୪୪୦	କୃଷ୍ଣ ଚନ୍ଦ୍ର ସାହୁ, ପି. ବଳରାମ ସାହୁ
୬୭୮	୧୨୨	ବେସରକାରୀ	ଦଲ	୦.୦୫୦୩୨୮	ଦେବେନ୍ଦ୍ର ନାଥ ପ୍ରଧାନ, ପି. ଭୀମ ପ୍ରଧାନ
୬୭୯	୧୨୩	ବେସରକାରୀ	ଦଲ	୦.୦୪୩୭୧୨	ଶୁଭଶ୍ରୀ ମହାନ୍ତି, ସ୍ୱା. ସୌମେନ୍ଦ୍ର ମହାନ୍ତି
୬୮୦	୧୨୪	ସରକାରୀ (ରାସ୍ତା)	ରାସ୍ତା	୦.୦୧୯୮୦୮	ରାସ୍ତା
ଗ୍ରାମ : ମାଟିଆ					
୬୮୧	୨୦୦	ବେସରକାରୀ	ଦଲ	୦.୨୬୬୯୧୨	ବ୍ରଜକିଶୋର ଦାସ, ଦୁଃଖୀଶ୍ୟାମ ଦାସ, ନରସିଂହ ଦାସ, ହରିହର ଦାସ, ଜା- ଖଣ୍ଡାୟତ, ସା- ମାଟିଆ
୬୮୨	୨୦୧	ବେସରକାରୀ	ଦଲ	୦.୦୫୭୩୭୬	ଭାଗିରଥୀ ସାହୁ, ପି. କୃପାସିନ୍ଧୁ ସାହୁ
୬୮୩	୨୦୨	ବେସରକାରୀ	ଦଲ	୦.୧୧୦୯୧୨	ପ୍ରଦୀପ କୁମାର ପ୍ରଧାନ, ପି. ଯୁଧିଷ୍ଠିର ପ୍ରଧାନ, ସା- ମାଟିଆ
୬୮୪	୨୦୩	ବେସରକାରୀ	ଦଲ	୦.୦୪୬୪୧୬	ରଞ୍ଜିତ କୁମାର ଜେନା, ପି. ଲକ୍ଷ୍ମଣ ଜେନା
୬୮୫	୨୦୪	ବେସରକାରୀ	ଦଲ	୦.୩୦୫୭୨୮	ଶ୍ରୀ ଜଗନ୍ନାଥ ମହାପ୍ରଭୁ ବିଜେ ପୁରୀ, ମାର୍ଫତ ସତ୍ୟବ୍ରତ ଦାସ, ଶୁଭ୍ରାଂଶୁ ଦାସ, ଜା- ଖଣ୍ଡାୟତ, ସା- ମାଟିଆ
୬୮୬	୨୦୫	ବେସରକାରୀ	ଦଲ	୦.୦୫୯୫୩୬	ଚନ୍ଦ୍ରମଣି ମହାନ୍ତି, ପି. ଭୁବନେଶ୍ୱର ମହାନ୍ତି
୬୮୭	୨୦୬	ବେସରକାରୀ	ଦଲ	୦.୦୬୬୧୨୮	ନବକିଶୋର ବେହେରା, ପି. ପଦ୍ମନାଭ ବେହେରା
୬୮୮	୨୦୭	ସରକାରୀ (ଜଳସେଚନ ବିଭାଗ)	ଶାରଦ-୨	୦.୦୨୪୬୪୦	ଜଳସେଚନ ବିଭାଗ
୬୮୯	୨୦୮	ବେସରକାରୀ	ଦଲ	୦.୦୫୧୫୫୨	ତପନ କୁମାର ସାହୁ, ପି. ଗୋବିନ୍ଦ ସାହୁ
୬୯୦	୨୦୯	ବେସରକାରୀ	ଦଲ	୦.୨୦୦୮୬୪	ଶ୍ରୀ ମଦନମୋହନ ଦେବ ବିଜେ, ମାର୍ଫତ ବିଷ୍ଣୁଚରଣ ଦାସ, ଭଗବାନ ଦାସ, ସା- ମାଟିଆ
୬୯୧	୨୧୦	ବେସରକାରୀ	ଦଲ	୦.୦୪୮୩୫୨	ରମାନାଥ ପ୍ରଧାନ, ପି. ହରେକୃଷ୍ଣ ପ୍ରଧାନ
୬୯୨	୨୧୧	ବେସରକାରୀ	ଦଲ	୦.୦୫୬୦୦୦	ଅମରେନ୍ଦ୍ର ଜେନା, ପି. ରାଧାକାନ୍ତ ଜେନା
୬୯୩	୨୧୨	ବେସରକାରୀ	ଦଲ	୦.୧୪୨୭୮୪	ଶରଦ ଚନ୍ଦ୍ର ମହାନ୍ତି, ପି. ନୀଳାଦ୍ରି ମହାନ୍ତି, ଜା- ଖଣ୍ଡାୟତ, ସା- ମାଟିଆ
୬୯୪	୨୧୩	ବେସରକାରୀ	ଦଲ	୦.୦୪୪୨୫୬	ସୁଶୀଲ କୁମାର ଦାସ, ପି. ବୈକୁଣ୍ଠ ଦାସ
୬୯୫	୨୧୪	ବେସରକାରୀ	ଦଲ	୦.୨୯୦୮୧୬	ଶ୍ରୀ ଜଗନ୍ନାଥ ମହାପ୍ରଭୁ ବିଜେ ପୁରୀ, ମାର୍ଫତ ଉଦୟ ଚନ୍ଦ୍ର ସାହୁ, ପ୍ରତାପ ସାହୁ, ଜା- ଖଣ୍ଡାୟତ, ସା- ମାଟିଆ
୬୯୬	୨୧୫	ବେସରକାରୀ	ଦଲ	୦.୦୬୩୫୦୪	ମଧୁସୂଦନ ବେହେରା, ପି. ତ୍ରିନାଥ ବେହେରା
୬୯୭	୨୧୬	ବେସରକାରୀ	ଦଲ	୦.୦୫୭୬୦୦	ବିଜୟ କୁମାର ପ୍ରଧାନ, ପି. ଗୌରହରି ପ୍ରଧାନ
୬୯୮	୨୧୭	ବେସରକାରୀ	ଦଲ	୦.୧୬୩୭୭୬	ହେମନ୍ତ କୁମାର ଦାସ, ପି. କପିଳେନ୍ଦ୍ର ଦାସ, ଜା- ଖଣ୍ଡାୟତ, ସା- ମାଟିଆ
୬୯୯	୨୧୮	ସରକାରୀ (ଆବାଦଯୋଗ୍ୟ ଅନାବାଦୀ)	ପତିତ	୦.୦୩୨୧୬୦	ଆବାଦଯୋଗ୍ୟ ଅନାବାଦୀ
୭୦୦	୨୧୯	ବେସରକାରୀ	ଦଲ	୦.୦୫୦୬୪୦	ସନ୍ତୋଷ କୁମାର ସାହୁ, ପି. ନିତ୍ୟାନନ୍ଦ ସାହୁ
୭୦୧	୨୨୦	ସରକାରୀ (ଆବାଦଯୋଗ୍ୟ ଅନାବାଦୀ)	ପତିତ	୦.୦୨୮୩୨୦	ଆବାଦଯୋଗ୍ୟ ଅନାବାଦୀ
ଗ୍ରାମ : ବଳଭଦ୍ରପୁର					
୭୦୨	୩୦୧	ବେସରକାରୀ	ଦଲ	୦.୦୬୯୮୦୮	ଶ୍ରୀ ଜଗନ୍ନାଥ ମହାପ୍ରଭୁ ବିଜେ ପୁରୀ, ମାର୍ଫତ ରାଧେଶ୍ୟାମ ଦାସ, ସା- ବଳଭଦ୍ରପୁର
୭୦୩	୩୦୨	ବେସରକାରୀ	ଦଲ	୦.୦୪୭୯୨୦	ମହେନ୍ଦ୍ର ସାହୁ, ପି. ଲୋକନାଥ ସାହୁ
୭୦୪	୩୦୩	ସରକାରୀ (ଆବାଦଯୋଗ୍ୟ ଅନାବାଦୀ)	ପତିତ	୦.୦୨୪୮୦୮	ଆବାଦଯୋଗ୍ୟ ଅନାବାଦୀ
୭୦୫	୩୦୪	ବେସରକାରୀ	ଦଲ	୦.୦୫୩୬୬୪	ଶ୍ରୀ ଜଗନ୍ନାଥ ମହାପ୍ରଭୁ ବିଜେ ପୁରୀ, ମାର୍ଫତ ବିଶ୍ୱନାଥ ଦାସ
